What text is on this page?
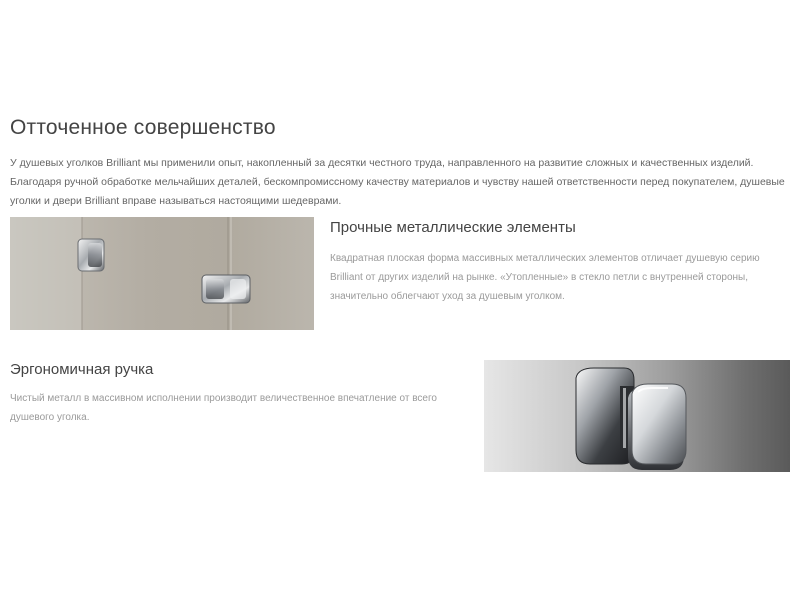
Отточенное совершенство

У душевых уголков Brilliant мы применили опыт, накопленный за десятки честного труда, направленного на развитие сложных и качественных изделий. Благодаря ручной обработке мельчайших деталей, бескомпромиссному качеству материалов и чувству нашей ответственности перед покупателем, душевые уголки и двери Brilliant вправе называться настоящими шедеврами.

Прочные металлические элементы

Квадратная плоская форма массивных металлических элементов отличает душевую серию Brilliant от других изделий на рынке. «Утопленные» в стекло петли с внутренней стороны, значительно облегчают уход за душевым уголком.

Эргономичная ручка

Чистый металл в массивном исполнении производит величественное впечатление от всего душевого уголка.
